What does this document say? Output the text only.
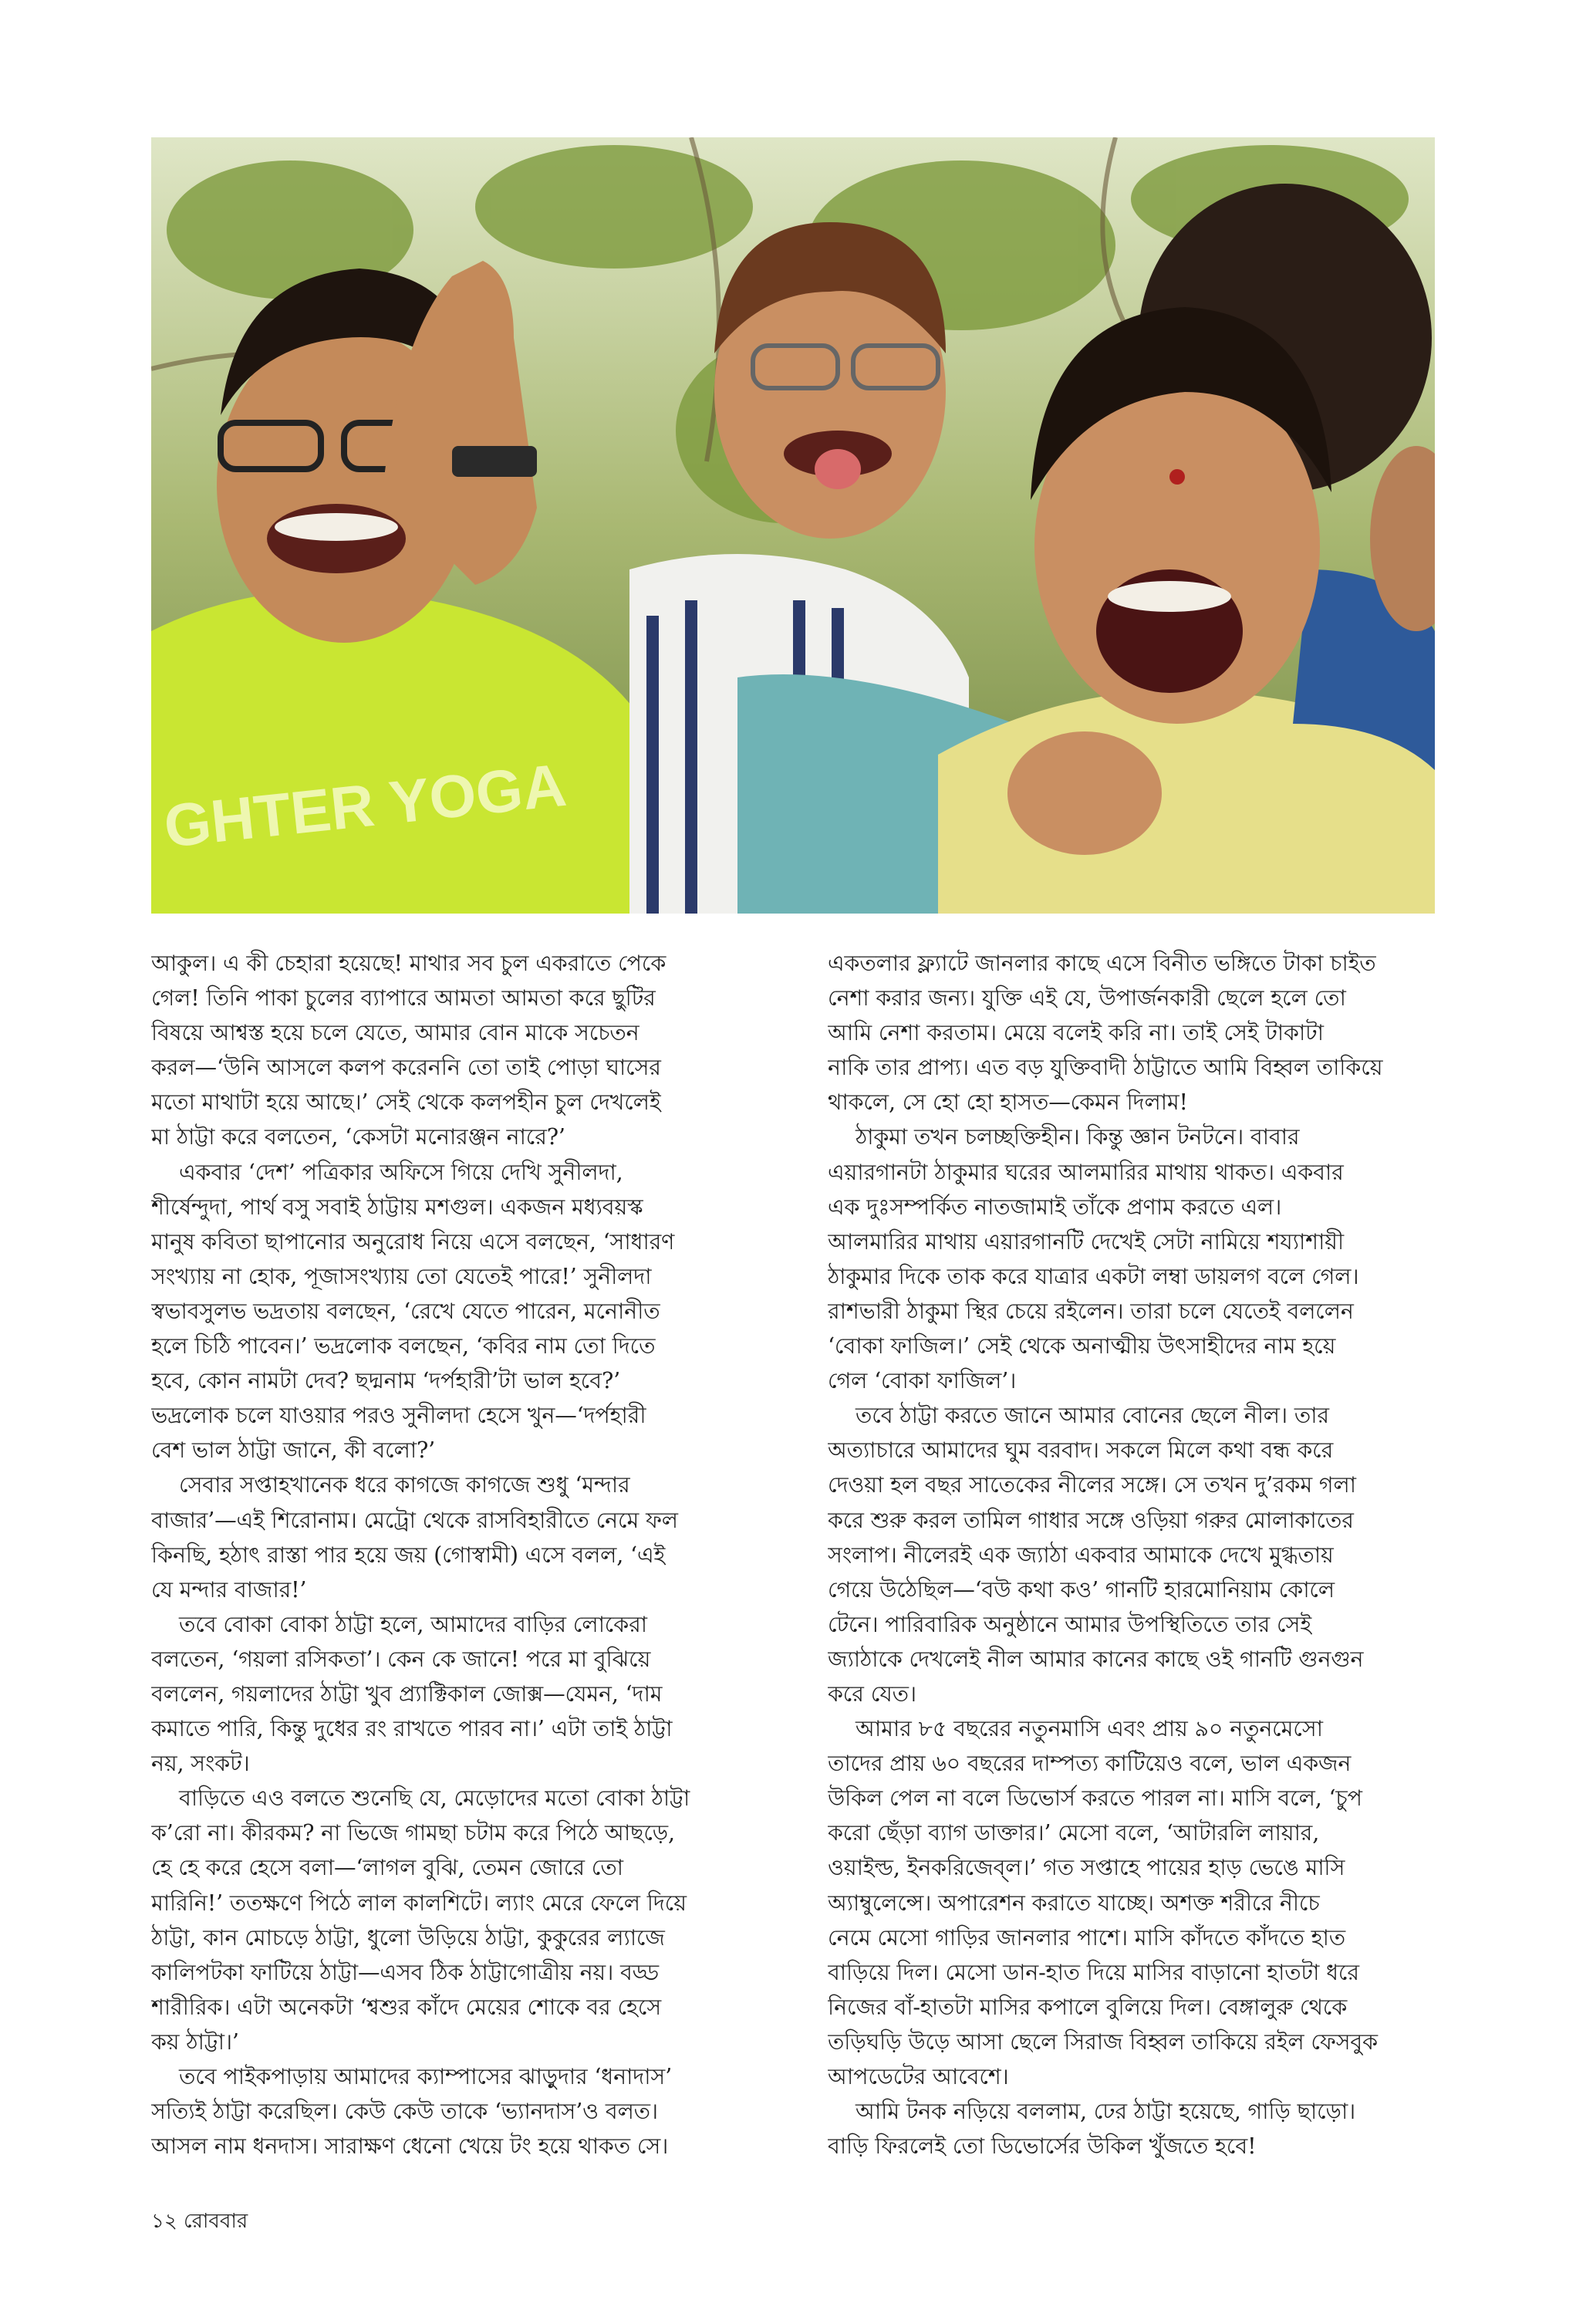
GHTER YOGA
আকুল। এ কী চেহারা হয়েছে! মাথার সব চুল একরাতে পেকে
গেল! তিনি পাকা চুলের ব্যাপারে আমতা আমতা করে ছুটির
বিষয়ে আশ্বস্ত হয়ে চলে যেতে, আমার বোন মাকে সচেতন
করল—‘উনি আসলে কলপ করেননি তো তাই পোড়া ঘাসের
মতো মাথাটা হয়ে আছে।’ সেই থেকে কলপহীন চুল দেখলেই
মা ঠাট্টা করে বলতেন, ‘কেসটা মনোরঞ্জন নারে?’
একবার ‘দেশ’ পত্রিকার অফিসে গিয়ে দেখি সুনীলদা,
শীর্ষেন্দুদা, পার্থ বসু সবাই ঠাট্টায় মশগুল। একজন মধ্যবয়স্ক
মানুষ কবিতা ছাপানোর অনুরোধ নিয়ে এসে বলছেন, ‘সাধারণ
সংখ্যায় না হোক, পূজাসংখ্যায় তো যেতেই পারে!’ সুনীলদা
স্বভাবসুলভ ভদ্রতায় বলছেন, ‘রেখে যেতে পারেন, মনোনীত
হলে চিঠি পাবেন।’ ভদ্রলোক বলছেন, ‘কবির নাম তো দিতে
হবে, কোন নামটা দেব? ছদ্মনাম ‘দর্পহারী’টা ভাল হবে?’
ভদ্রলোক চলে যাওয়ার পরও সুনীলদা হেসে খুন—‘দর্পহারী
বেশ ভাল ঠাট্টা জানে, কী বলো?’
সেবার সপ্তাহখানেক ধরে কাগজে কাগজে শুধু ‘মন্দার
বাজার’—এই শিরোনাম। মেট্রো থেকে রাসবিহারীতে নেমে ফল
কিনছি, হঠাৎ রাস্তা পার হয়ে জয় (গোস্বামী) এসে বলল, ‘এই
যে মন্দার বাজার!’
তবে বোকা বোকা ঠাট্টা হলে, আমাদের বাড়ির লোকেরা
বলতেন, ‘গয়লা রসিকতা’। কেন কে জানে! পরে মা বুঝিয়ে
বললেন, গয়লাদের ঠাট্টা খুব প্র্যাক্টিকাল জোক্স—যেমন, ‘দাম
কমাতে পারি, কিন্তু দুধের রং রাখতে পারব না।’ এটা তাই ঠাট্টা
নয়, সংকট।
বাড়িতে এও বলতে শুনেছি যে, মেড়োদের মতো বোকা ঠাট্টা
ক’রো না। কীরকম? না ভিজে গামছা চটাম করে পিঠে আছড়ে,
হে হে করে হেসে বলা—‘লাগল বুঝি, তেমন জোরে তো
মারিনি!’ ততক্ষণে পিঠে লাল কালশিটে। ল্যাং মেরে ফেলে দিয়ে
ঠাট্টা, কান মোচড়ে ঠাট্টা, ধুলো উড়িয়ে ঠাট্টা, কুকুরের ল্যাজে
কালিপটকা ফাটিয়ে ঠাট্টা—এসব ঠিক ঠাট্টাগোত্রীয় নয়। বড্ড
শারীরিক। এটা অনেকটা ‘শ্বশুর কাঁদে মেয়ের শোকে বর হেসে
কয় ঠাট্টা।’
তবে পাইকপাড়ায় আমাদের ক্যাম্পাসের ঝাড়ুদার ‘ধনাদাস’
সত্যিই ঠাট্টা করেছিল। কেউ কেউ তাকে ‘ভ্যানদাস’ও বলত।
আসল নাম ধনদাস। সারাক্ষণ ধেনো খেয়ে টং হয়ে থাকত সে।
একতলার ফ্ল্যাটে জানলার কাছে এসে বিনীত ভঙ্গিতে টাকা চাইত
নেশা করার জন্য। যুক্তি এই যে, উপার্জনকারী ছেলে হলে তো
আমি নেশা করতাম। মেয়ে বলেই করি না। তাই সেই টাকাটা
নাকি তার প্রাপ্য। এত বড় যুক্তিবাদী ঠাট্টাতে আমি বিহ্বল তাকিয়ে
থাকলে, সে হো হো হাসত—কেমন দিলাম!
ঠাকুমা তখন চলচ্ছক্তিহীন। কিন্তু জ্ঞান টনটনে। বাবার
এয়ারগানটা ঠাকুমার ঘরের আলমারির মাথায় থাকত। একবার
এক দুঃসম্পর্কিত নাতজামাই তাঁকে প্রণাম করতে এল।
আলমারির মাথায় এয়ারগানটি দেখেই সেটা নামিয়ে শয্যাশায়ী
ঠাকুমার দিকে তাক করে যাত্রার একটা লম্বা ডায়লগ বলে গেল।
রাশভারী ঠাকুমা স্থির চেয়ে রইলেন। তারা চলে যেতেই বললেন
‘বোকা ফাজিল।’ সেই থেকে অনাত্মীয় উৎসাহীদের নাম হয়ে
গেল ‘বোকা ফাজিল’।
তবে ঠাট্টা করতে জানে আমার বোনের ছেলে নীল। তার
অত্যাচারে আমাদের ঘুম বরবাদ। সকলে মিলে কথা বন্ধ করে
দেওয়া হল বছর সাতেকের নীলের সঙ্গে। সে তখন দু’রকম গলা
করে শুরু করল তামিল গাধার সঙ্গে ওড়িয়া গরুর মোলাকাতের
সংলাপ। নীলেরই এক জ্যাঠা একবার আমাকে দেখে মুগ্ধতায়
গেয়ে উঠেছিল—‘বউ কথা কও’ গানটি হারমোনিয়াম কোলে
টেনে। পারিবারিক অনুষ্ঠানে আমার উপস্থিতিতে তার সেই
জ্যাঠাকে দেখলেই নীল আমার কানের কাছে ওই গানটি গুনগুন
করে যেত।
আমার ৮৫ বছরের নতুনমাসি এবং প্রায় ৯০ নতুনমেসো
তাদের প্রায় ৬০ বছরের দাম্পত্য কাটিয়েও বলে, ভাল একজন
উকিল পেল না বলে ডিভোর্স করতে পারল না। মাসি বলে, ‘চুপ
করো ছেঁড়া ব্যাগ ডাক্তার।’ মেসো বলে, ‘আটারলি লায়ার,
ওয়াইল্ড, ইনকরিজেব্‌ল।’ গত সপ্তাহে পায়ের হাড় ভেঙে মাসি
অ্যাম্বুলেন্সে। অপারেশন করাতে যাচ্ছে। অশক্ত শরীরে নীচে
নেমে মেসো গাড়ির জানলার পাশে। মাসি কাঁদতে কাঁদতে হাত
বাড়িয়ে দিল। মেসো ডান-হাত দিয়ে মাসির বাড়ানো হাতটা ধরে
নিজের বাঁ-হাতটা মাসির কপালে বুলিয়ে দিল। বেঙ্গালুরু থেকে
তড়িঘড়ি উড়ে আসা ছেলে সিরাজ বিহ্বল তাকিয়ে রইল ফেসবুক
আপডেটের আবেশে।
আমি টনক নড়িয়ে বললাম, ঢের ঠাট্টা হয়েছে, গাড়ি ছাড়ো।
বাড়ি ফিরলেই তো ডিভোর্সের উকিল খুঁজতে হবে!
১২ রোববার
